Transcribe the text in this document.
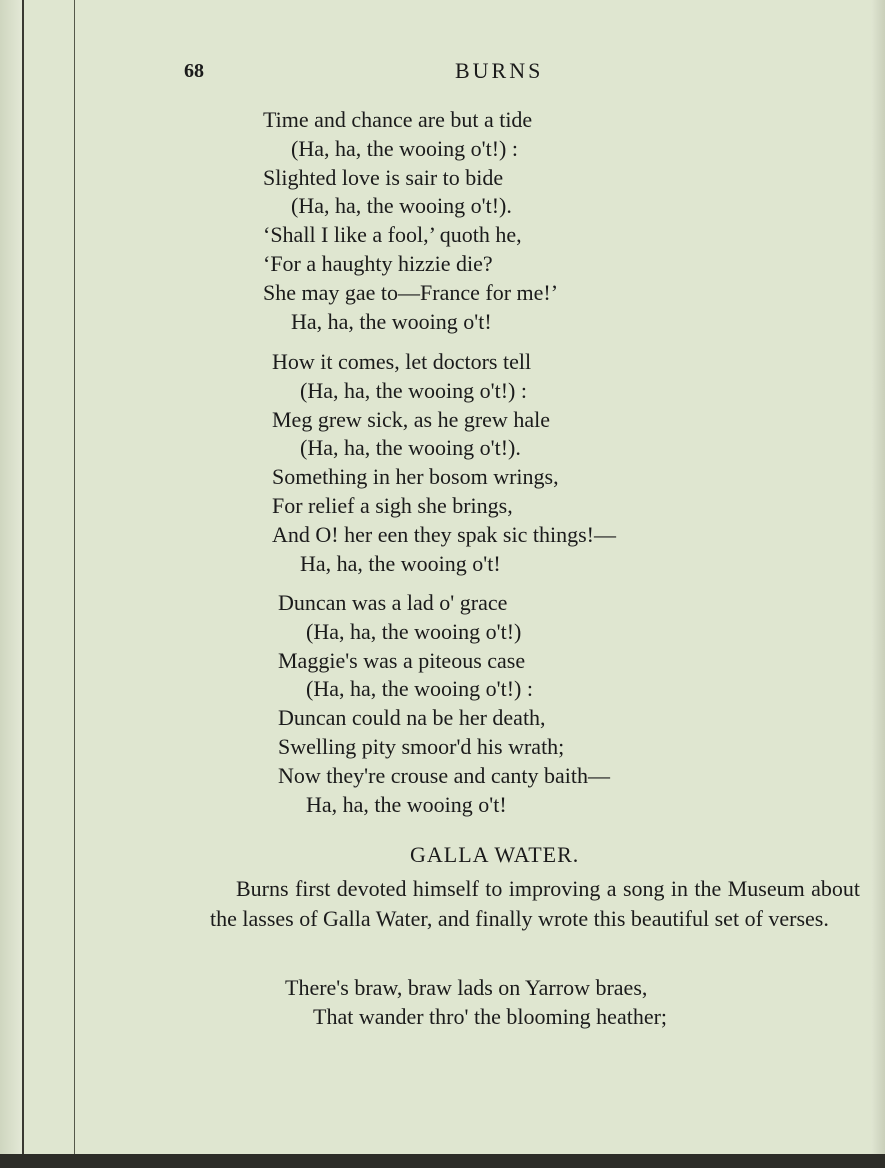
68	BURNS
Time and chance are but a tide
(Ha, ha, the wooing o't!) :
Slighted love is sair to bide
(Ha, ha, the wooing o't!).
‘Shall I like a fool,’ quoth he,
‘For a haughty hizzie die?
She may gae to—France for me!’
Ha, ha, the wooing o't!
How it comes, let doctors tell
(Ha, ha, the wooing o't!) :
Meg grew sick, as he grew hale
(Ha, ha, the wooing o't!).
Something in her bosom wrings,
For relief a sigh she brings,
And O! her een they spak sic things!—
Ha, ha, the wooing o't!
Duncan was a lad o' grace
(Ha, ha, the wooing o't!)
Maggie's was a piteous case
(Ha, ha, the wooing o't!) :
Duncan could na be her death,
Swelling pity smoor'd his wrath;
Now they're crouse and canty baith—
Ha, ha, the wooing o't!
GALLA WATER.

Burns first devoted himself to improving a song in the Museum about the lasses of Galla Water, and finally wrote this beautiful set of verses.

There's braw, braw lads on Yarrow braes,
That wander thro' the blooming heather;
